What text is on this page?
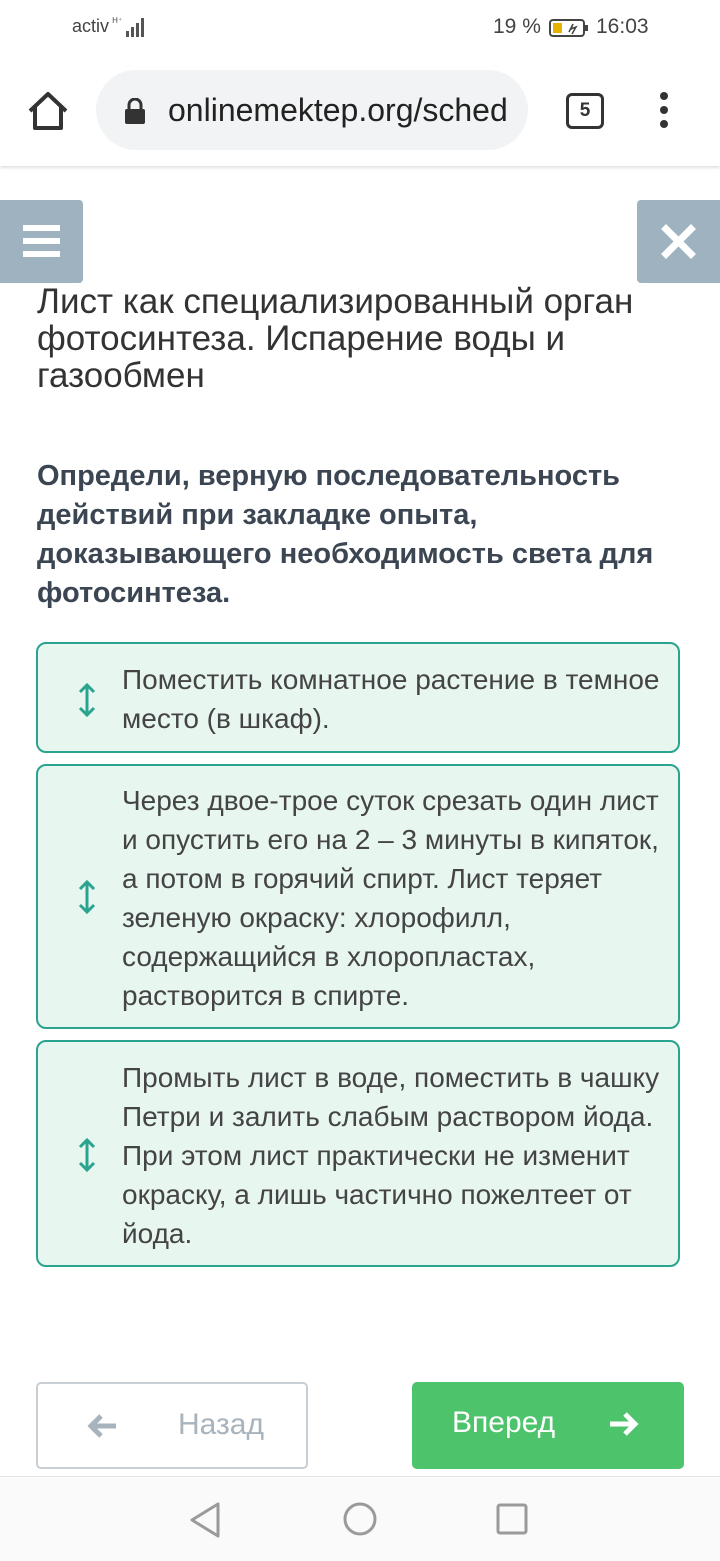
activ H⁺	19 %	16:03
onlinemektep.org/sched	5
Лист как специализированный орган фотосинтеза. Испарение воды и газообмен

Определи, верную последовательность действий при закладке опыта, доказывающего необходимость света для фотосинтеза.

Поместить комнатное растение в темное место (в шкаф).
Через двое-трое суток срезать один лист и опустить его на 2 – 3 минуты в кипяток, а потом в горячий спирт. Лист теряет зеленую окраску: хлорофилл, содержащийся в хлоропластах, растворится в спирте.
Промыть лист в воде, поместить в чашку Петри и залить слабым раствором йода. При этом лист практически не изменит окраску, а лишь частично пожелтеет от йода.
Назад	Вперед
